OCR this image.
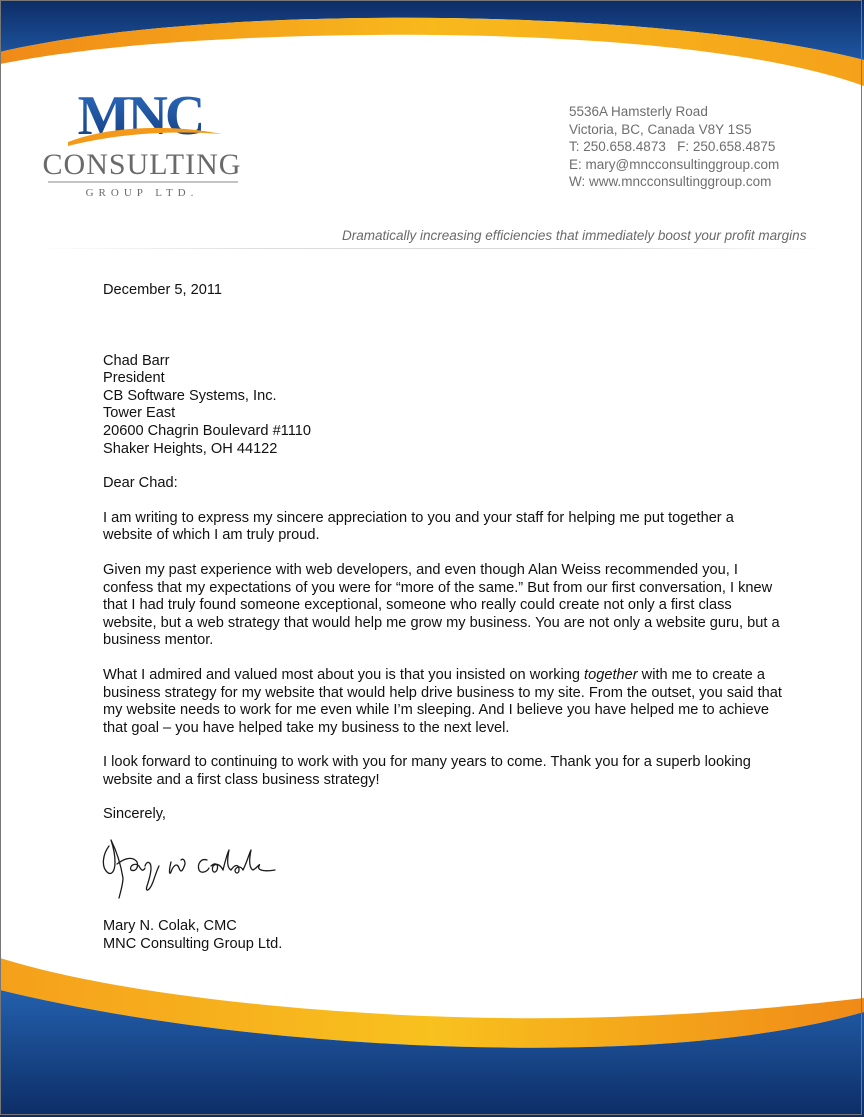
MNC
CONSULTING
GROUP LTD.
5536A Hamsterly Road
Victoria, BC, Canada V8Y 1S5
T: 250.658.4873   F: 250.658.4875
E: mary@mncconsultinggroup.com
W: www.mncconsultinggroup.com
Dramatically increasing efficiencies that immediately boost your profit margins

December 5, 2011

Chad Barr

President

CB Software Systems, Inc.

Tower East

20600 Chagrin Boulevard #1110

Shaker Heights, OH 44122

Dear Chad:

I am writing to express my sincere appreciation to you and your staff for helping me put together a website of which I am truly proud.

Given my past experience with web developers, and even though Alan Weiss recommended you, I confess that my expectations of you were for “more of the same.” But from our first conversation, I knew that I had truly found someone exceptional, someone who really could create not only a first class website, but a web strategy that would help me grow my business. You are not only a website guru, but a business mentor.

What I admired and valued most about you is that you insisted on working together with me to create a business strategy for my website that would help drive business to my site. From the outset, you said that my website needs to work for me even while I’m sleeping. And I believe you have helped me to achieve that goal – you have helped take my business to the next level.

I look forward to continuing to work with you for many years to come. Thank you for a superb looking website and a first class business strategy!

Sincerely,

Mary N. Colak, CMC

MNC Consulting Group Ltd.
